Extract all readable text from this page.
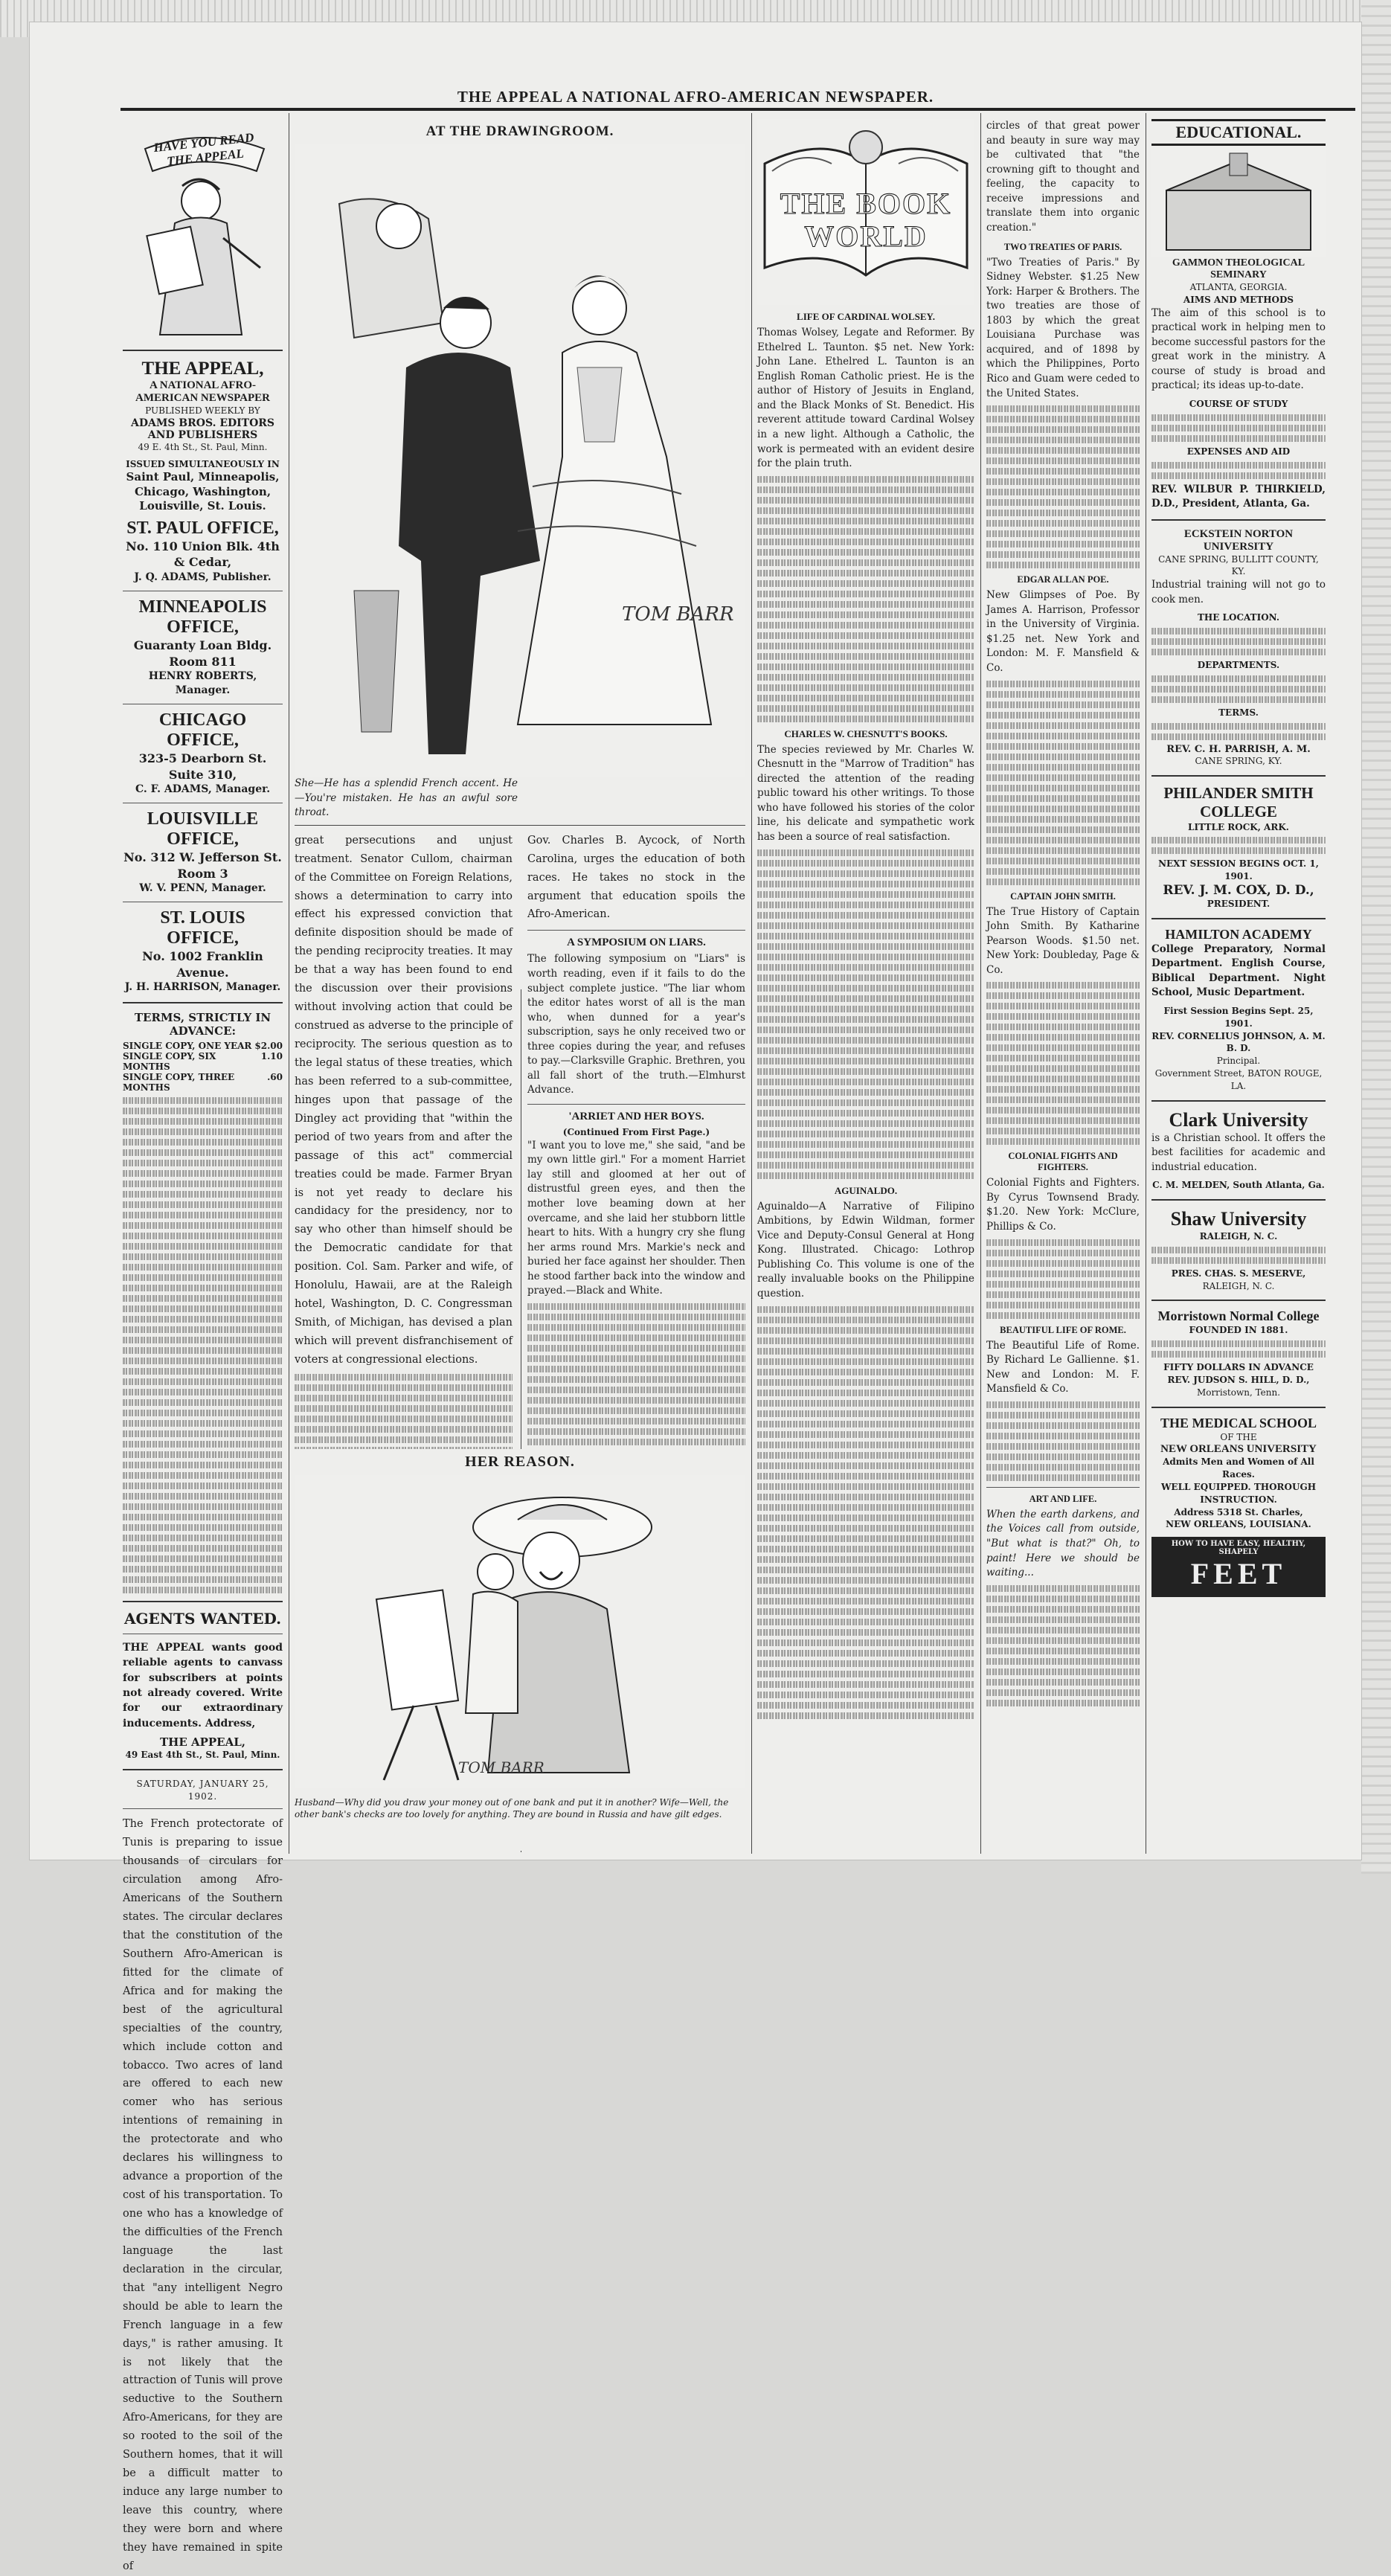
THE APPEAL A NATIONAL AFRO-AMERICAN NEWSPAPER.
HAVE YOU READ THE APPEAL
THE APPEAL,
A NATIONAL AFRO-AMERICAN NEWSPAPER
PUBLISHED WEEKLY BY
ADAMS BROS. EDITORS AND PUBLISHERS
49 E. 4th St., St. Paul, Minn.
ISSUED SIMULTANEOUSLY IN
Saint Paul, Minneapolis, Chicago, Washington, Louisville, St. Louis.
ST. PAUL OFFICE,
No. 110 Union Blk. 4th & Cedar,
J. Q. ADAMS, Publisher.
MINNEAPOLIS OFFICE,
Guaranty Loan Bldg. Room 811
HENRY ROBERTS, Manager.
CHICAGO OFFICE,
323-5 Dearborn St. Suite 310,
C. F. ADAMS, Manager.
LOUISVILLE OFFICE,
No. 312 W. Jefferson St. Room 3
W. V. PENN, Manager.
ST. LOUIS OFFICE,
No. 1002 Franklin Avenue.
J. H. HARRISON, Manager.
TERMS, STRICTLY IN ADVANCE:
SINGLE COPY, ONE YEAR $2.00
SINGLE COPY, SIX MONTHS
1.10
SINGLE COPY, THREE MONTHS
.60
AGENTS WANTED.

THE APPEAL wants good reliable agents to canvass for subscribers at points not already covered. Write for our extraordinary inducements. Address,

THE APPEAL,
49 East 4th St., St. Paul, Minn.
SATURDAY, JANUARY 25, 1902.

The French protectorate of Tunis is preparing to issue thousands of circulars for circulation among Afro-Americans of the Southern states. The circular declares that the constitution of the Southern Afro-American is fitted for the climate of Africa and for making the best of the agricultural specialties of the country, which include cotton and tobacco. Two acres of land are offered to each new comer who has serious intentions of remaining in the protectorate and who declares his willingness to advance a proportion of the cost of his transportation. To one who has a knowledge of the difficulties of the French language the last declaration in the circular, that "any intelligent Negro should be able to learn the French language in a few days," is rather amusing. It is not likely that the attraction of Tunis will prove seductive to the Southern Afro-Americans, for they are so rooted to the soil of the Southern homes, that it will be a difficult matter to induce any large number to leave this country, where they were born and where they have remained in spite of

AT THE DRAWINGROOM.
TOM BARR

She—He has a splendid French accent. He—You're mistaken. He has an awful sore throat.

great persecutions and unjust treatment. Senator Cullom, chairman of the Committee on Foreign Relations, shows a determination to carry into effect his expressed conviction that definite disposition should be made of the pending reciprocity treaties. It may be that a way has been found to end the discussion over their provisions without involving action that could be construed as adverse to the principle of reciprocity. The serious question as to the legal status of these treaties, which has been referred to a sub-committee, hinges upon that passage of the Dingley act providing that "within the period of two years from and after the passage of this act" commercial treaties could be made. Farmer Bryan is not yet ready to declare his candidacy for the presidency, nor to say who other than himself should be the Democratic candidate for that position. Col. Sam. Parker and wife, of Honolulu, Hawaii, are at the Raleigh hotel, Washington, D. C. Congressman Smith, of Michigan, has devised a plan which will prevent disfranchisement of voters at congressional elections.

Gov. Charles B. Aycock, of North Carolina, urges the education of both races. He takes no stock in the argument that education spoils the Afro-American.

A SYMPOSIUM ON LIARS.

The following symposium on "Liars" is worth reading, even if it fails to do the subject complete justice. "The liar whom the editor hates worst of all is the man who, when dunned for a year's subscription, says he only received two or three copies during the year, and refuses to pay.—Clarksville Graphic. Brethren, you all fall short of the truth.—Elmhurst Advance.

'ARRIET AND HER BOYS.
(Continued From First Page.)

"I want you to love me," she said, "and be my own little girl." For a moment Harriet lay still and gloomed at her out of distrustful green eyes, and then the mother love beaming down at her overcame, and she laid her stubborn little heart to hits. With a hungry cry she flung her arms round Mrs. Markie's neck and buried her face against her shoulder. Then he stood farther back into the window and prayed.—Black and White.

HER REASON.
TOM BARR

Husband—Why did you draw your money out of one bank and put it in another? Wife—Well, the other bank's checks are too lovely for anything. They are bound in Russia and have gilt edges.

THE BOOK WORLD
LIFE OF CARDINAL WOLSEY.

Thomas Wolsey, Legate and Reformer. By Ethelred L. Taunton. $5 net. New York: John Lane. Ethelred L. Taunton is an English Roman Catholic priest. He is the author of History of Jesuits in England, and the Black Monks of St. Benedict. His reverent attitude toward Cardinal Wolsey in a new light. Although a Catholic, the work is permeated with an evident desire for the plain truth.

CHARLES W. CHESNUTT'S BOOKS.

The species reviewed by Mr. Charles W. Chesnutt in the "Marrow of Tradition" has directed the attention of the reading public toward his other writings. To those who have followed his stories of the color line, his delicate and sympathetic work has been a source of real satisfaction.

AGUINALDO.

Aguinaldo—A Narrative of Filipino Ambitions, by Edwin Wildman, former Vice and Deputy-Consul General at Hong Kong. Illustrated. Chicago: Lothrop Publishing Co. This volume is one of the really invaluable books on the Philippine question.

circles of that great power and beauty in sure way may be cultivated that "the crowning gift to thought and feeling, the capacity to receive impressions and translate them into organic creation."

TWO TREATIES OF PARIS.

"Two Treaties of Paris." By Sidney Webster. $1.25 New York: Harper & Brothers. The two treaties are those of 1803 by which the great Louisiana Purchase was acquired, and of 1898 by which the Philippines, Porto Rico and Guam were ceded to the United States.

EDGAR ALLAN POE.

New Glimpses of Poe. By James A. Harrison, Professor in the University of Virginia. $1.25 net. New York and London: M. F. Mansfield & Co.

CAPTAIN JOHN SMITH.

The True History of Captain John Smith. By Katharine Pearson Woods. $1.50 net. New York: Doubleday, Page & Co.

COLONIAL FIGHTS AND FIGHTERS.

Colonial Fights and Fighters. By Cyrus Townsend Brady. $1.20. New York: McClure, Phillips & Co.

BEAUTIFUL LIFE OF ROME.

The Beautiful Life of Rome. By Richard Le Gallienne. $1. New and London: M. F. Mansfield & Co.

ART AND LIFE.

When the earth darkens, and the Voices call from outside, "But what is that?" Oh, to paint! Here we should be waiting...

EDUCATIONAL.
GAMMON THEOLOGICAL SEMINARY
ATLANTA, GEORGIA.
AIMS AND METHODS

The aim of this school is to practical work in helping men to become successful pastors for the great work in the ministry. A course of study is broad and practical; its ideas up-to-date.

COURSE OF STUDY
EXPENSES AND AID

REV. WILBUR P. THIRKIELD, D.D., President, Atlanta, Ga.

ECKSTEIN NORTON UNIVERSITY
CANE SPRING, BULLITT COUNTY, KY.

Industrial training will not go to cook men.

THE LOCATION.
DEPARTMENTS.
TERMS.
REV. C. H. PARRISH, A. M.
CANE SPRING, KY.
PHILANDER SMITH COLLEGE
LITTLE ROCK, ARK.
NEXT SESSION BEGINS OCT. 1, 1901.
REV. J. M. COX, D. D.,
PRESIDENT.
HAMILTON ACADEMY

College Preparatory, Normal Department. English Course, Biblical Department. Night School, Music Department.

First Session Begins Sept. 25, 1901.
REV. CORNELIUS JOHNSON, A. M. B. D.
Principal.
Government Street, BATON ROUGE, LA.
Clark University

is a Christian school. It offers the best facilities for academic and industrial education.

C. M. MELDEN, South Atlanta, Ga.
Shaw University
RALEIGH, N. C.
PRES. CHAS. S. MESERVE,
RALEIGH, N. C.
Morristown Normal College
FOUNDED IN 1881.
FIFTY DOLLARS IN ADVANCE
REV. JUDSON S. HILL, D. D.,
Morristown, Tenn.
THE MEDICAL SCHOOL
OF THE
NEW ORLEANS UNIVERSITY
Admits Men and Women of All Races.
WELL EQUIPPED. THOROUGH INSTRUCTION.
Address 5318 St. Charles,
NEW ORLEANS, LOUISIANA.
HOW TO HAVE EASY, HEALTHY, SHAPELY
FEET
